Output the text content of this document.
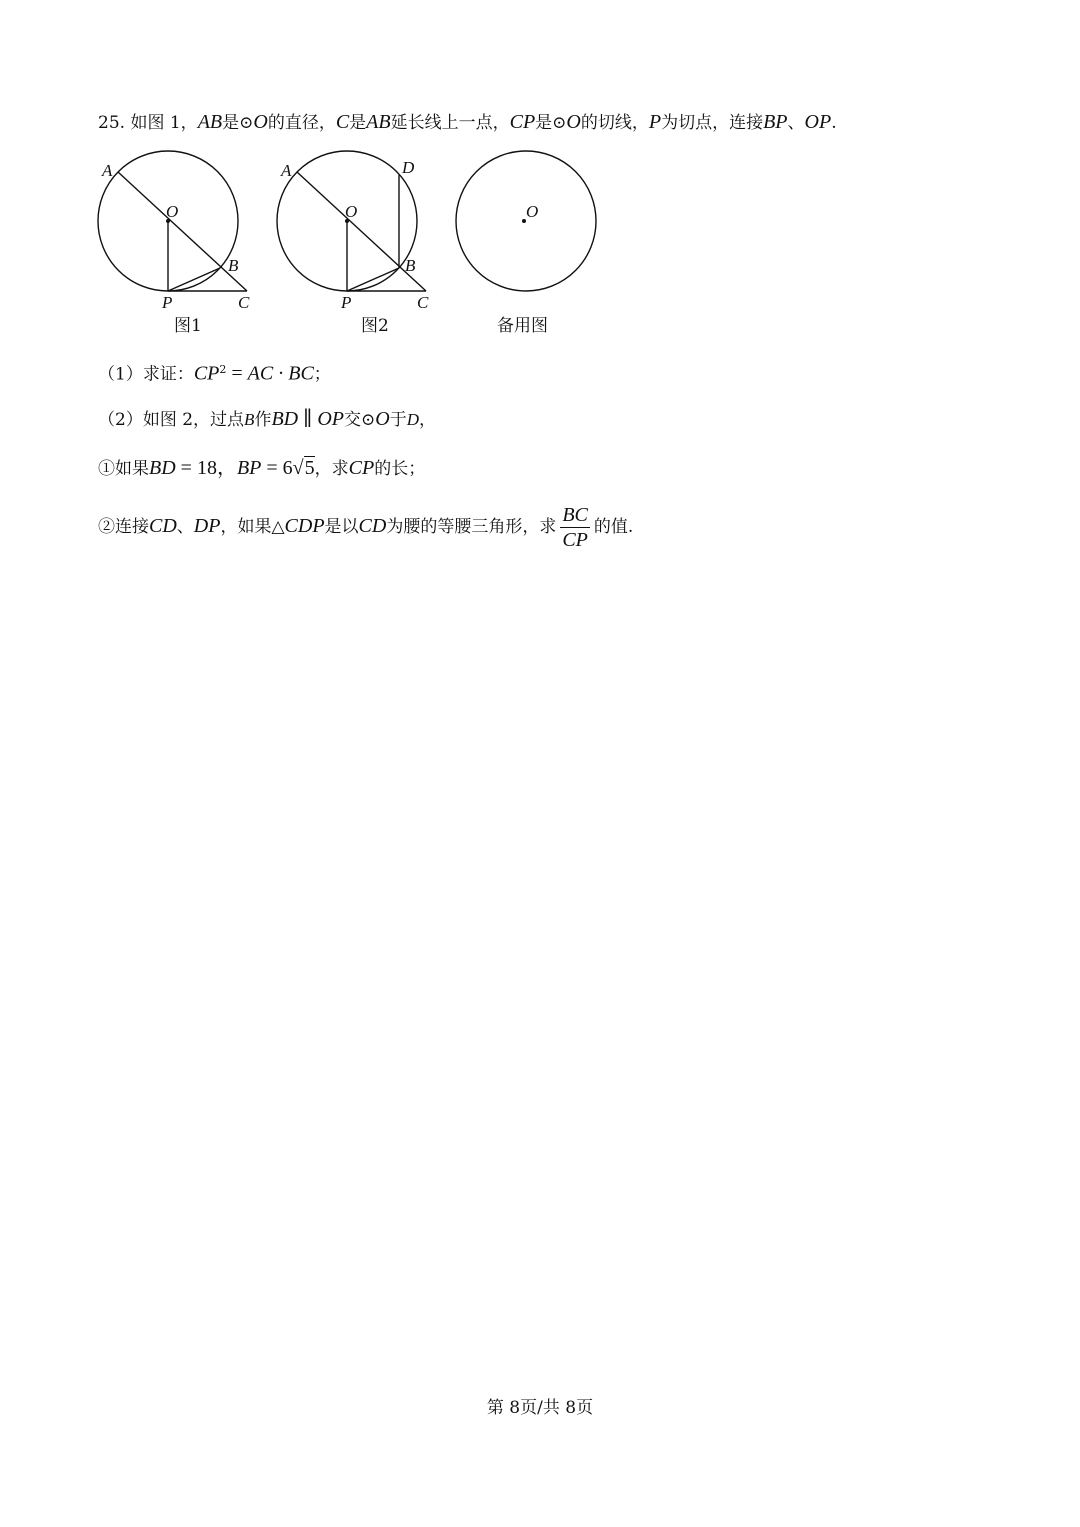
25. 如图 1，AB是⊙O的直径，C是AB延长线上一点，CP是⊙O的切线，P为切点，连接BP、OP.
A
O
B
P	C
A	D
O
B
P	C
O
图1	图2	备用图
（1）求证：$CP^2$ = AC · BC；
（2）如图 2，过点B作BD ∥ OP交⊙O于D，
①如果BD = 18，BP = 6√5，求CP的长；
②连接CD、DP，如果△CDP是以CD为腰的等腰三角形，求 $\frac{BC}{CP}$ 的值.
第 8页/共 8页
